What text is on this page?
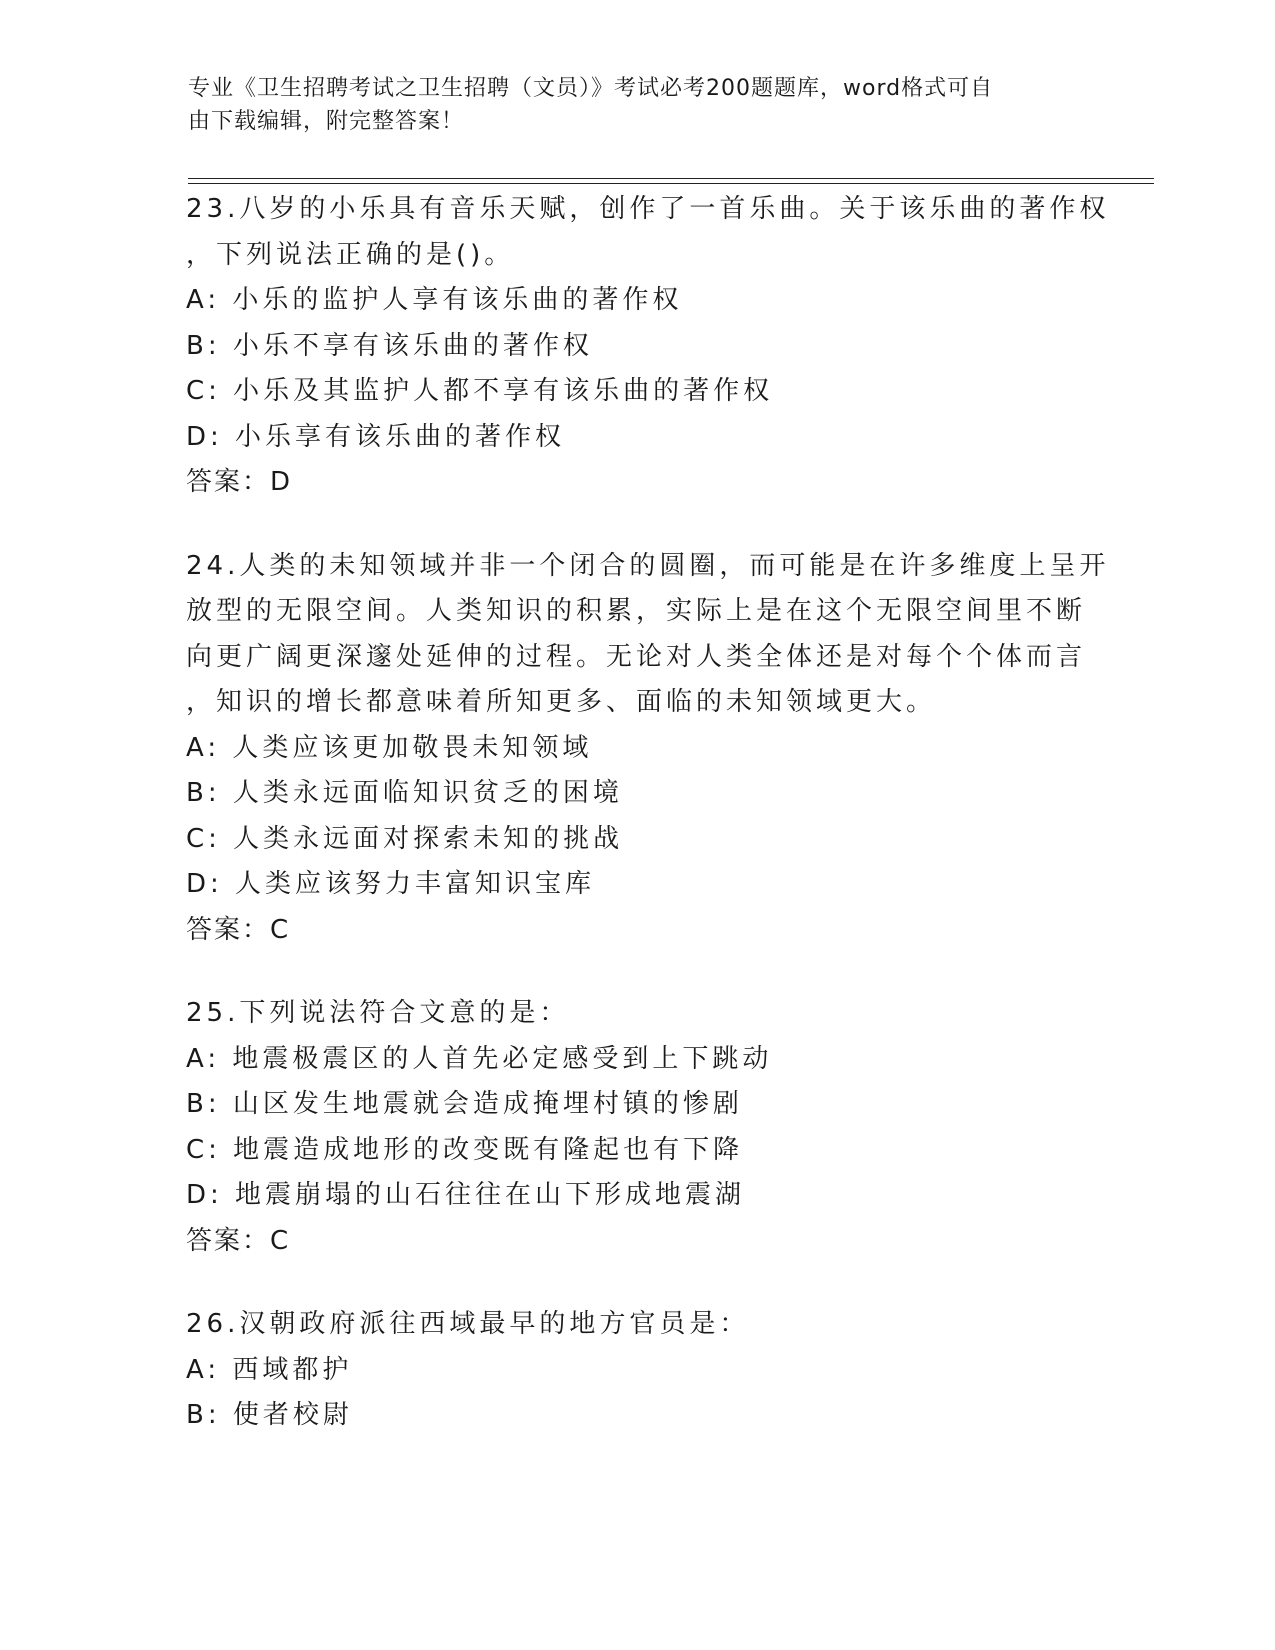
专业《卫生招聘考试之卫生招聘（文员）》考试必考200题题库，word格式可自
由下载编辑，附完整答案！
23.八岁的小乐具有音乐天赋，创作了一首乐曲。关于该乐曲的著作权
，下列说法正确的是()。
A: 小乐的监护人享有该乐曲的著作权
B: 小乐不享有该乐曲的著作权
C: 小乐及其监护人都不享有该乐曲的著作权
D: 小乐享有该乐曲的著作权
答案：D
24.人类的未知领域并非一个闭合的圆圈，而可能是在许多维度上呈开
放型的无限空间。人类知识的积累，实际上是在这个无限空间里不断
向更广阔更深邃处延伸的过程。无论对人类全体还是对每个个体而言
，知识的增长都意味着所知更多、面临的未知领域更大。
A: 人类应该更加敬畏未知领域
B: 人类永远面临知识贫乏的困境
C: 人类永远面对探索未知的挑战
D: 人类应该努力丰富知识宝库
答案：C
25.下列说法符合文意的是：
A: 地震极震区的人首先必定感受到上下跳动
B: 山区发生地震就会造成掩埋村镇的惨剧
C: 地震造成地形的改变既有隆起也有下降
D: 地震崩塌的山石往往在山下形成地震湖
答案：C
26.汉朝政府派往西域最早的地方官员是：
A: 西域都护
B: 使者校尉
